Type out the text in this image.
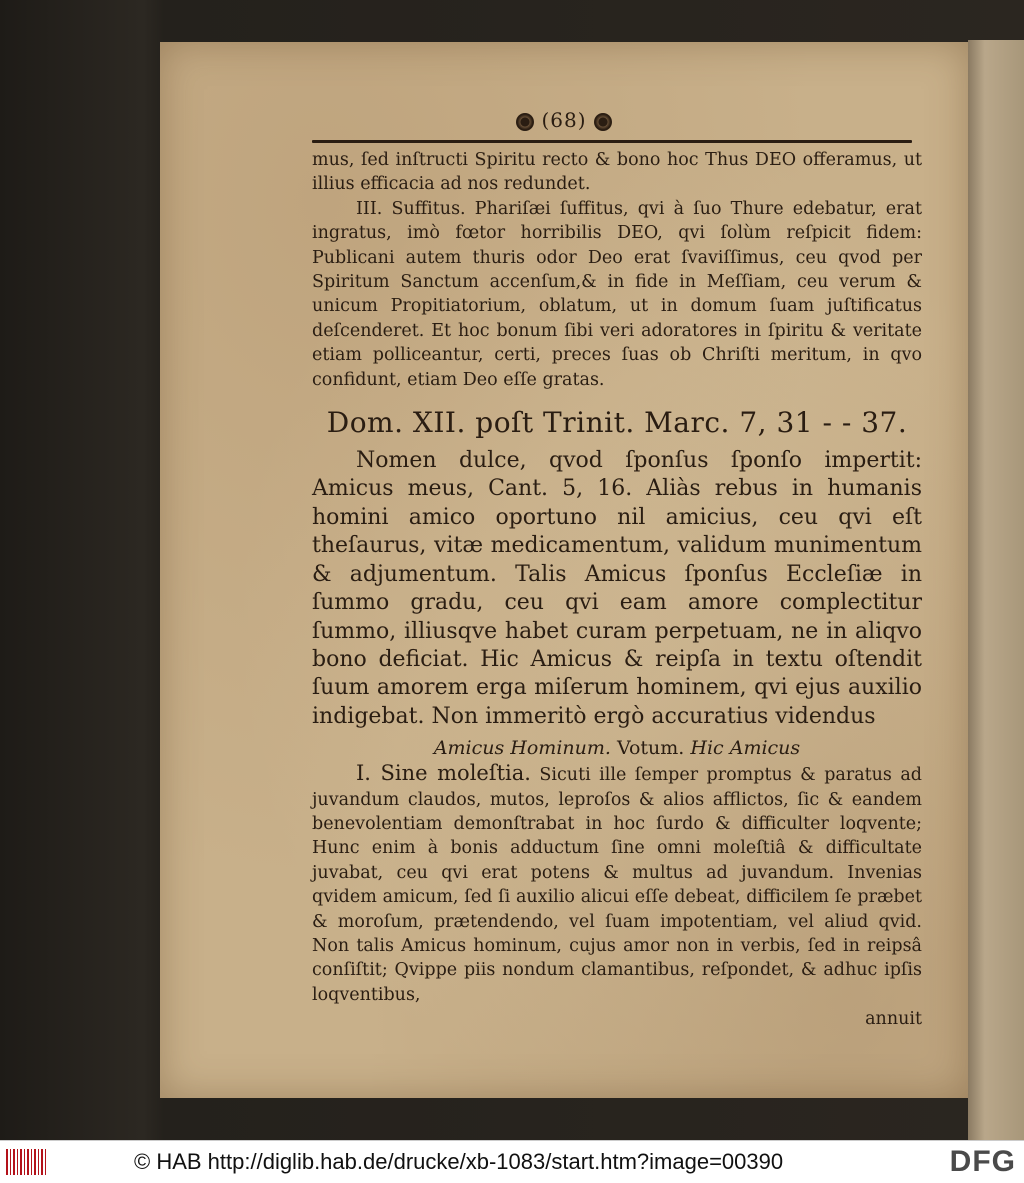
(68)

mus, ſed inſtructi Spiritu recto & bono hoc Thus DEO offeramus, ut illius efficacia ad nos redundet.

III. Suffitus. Phariſæi ſuffitus, qvi à ſuo Thure edebatur, erat ingratus, imò fœtor horribilis DEO, qvi ſolùm reſpicit fidem: Publicani autem thuris odor Deo erat ſvaviſſimus, ceu qvod per Spiritum Sanctum accenſum,& in fide in Meſſiam, ceu verum & unicum Propitiatorium, oblatum, ut in domum ſuam juſtificatus deſcenderet. Et hoc bonum ſibi veri adoratores in ſpiritu & veritate etiam polliceantur, certi, preces ſuas ob Chriſti meritum, in qvo confidunt, etiam Deo eſſe gratas.

Dom. XII. poſt Trinit. Marc. 7, 31 - - 37.

Nomen dulce, qvod ſponſus ſponſo impertit: Amicus meus, Cant. 5, 16. Aliàs rebus in humanis homini amico oportuno nil amicius, ceu qvi eſt theſaurus, vitæ medicamentum, validum munimentum & adjumentum. Talis Amicus ſponſus Eccleſiæ in ſummo gradu, ceu qvi eam amore complectitur ſummo, illiusqve habet curam perpetuam, ne in aliqvo bono deficiat. Hic Amicus & reipſa in textu oſtendit ſuum amorem erga miſerum hominem, qvi ejus auxilio indigebat. Non immeritò ergò accuratius videndus

Amicus Hominum. Votum. Hic Amicus

I. Sine moleſtia. Sicuti ille ſemper promptus & paratus ad juvandum claudos, mutos, leproſos & alios afflictos, ſic & eandem benevolentiam demonſtrabat in hoc ſurdo & difficulter loqvente; Hunc enim à bonis adductum ſine omni moleſtiâ & difficultate juvabat, ceu qvi erat potens & multus ad juvandum. Invenias qvidem amicum, ſed ſi auxilio alicui eſſe debeat, difficilem ſe præbet & moroſum, prætendendo, vel ſuam impotentiam, vel aliud qvid. Non talis Amicus hominum, cujus amor non in verbis, ſed in reipsâ conſiſtit; Qvippe piis nondum clamantibus, reſpondet, & adhuc ipſis loqventibus,

annuit

© HAB http://diglib.hab.de/drucke/xb-1083/start.htm?image=00390	DFG
